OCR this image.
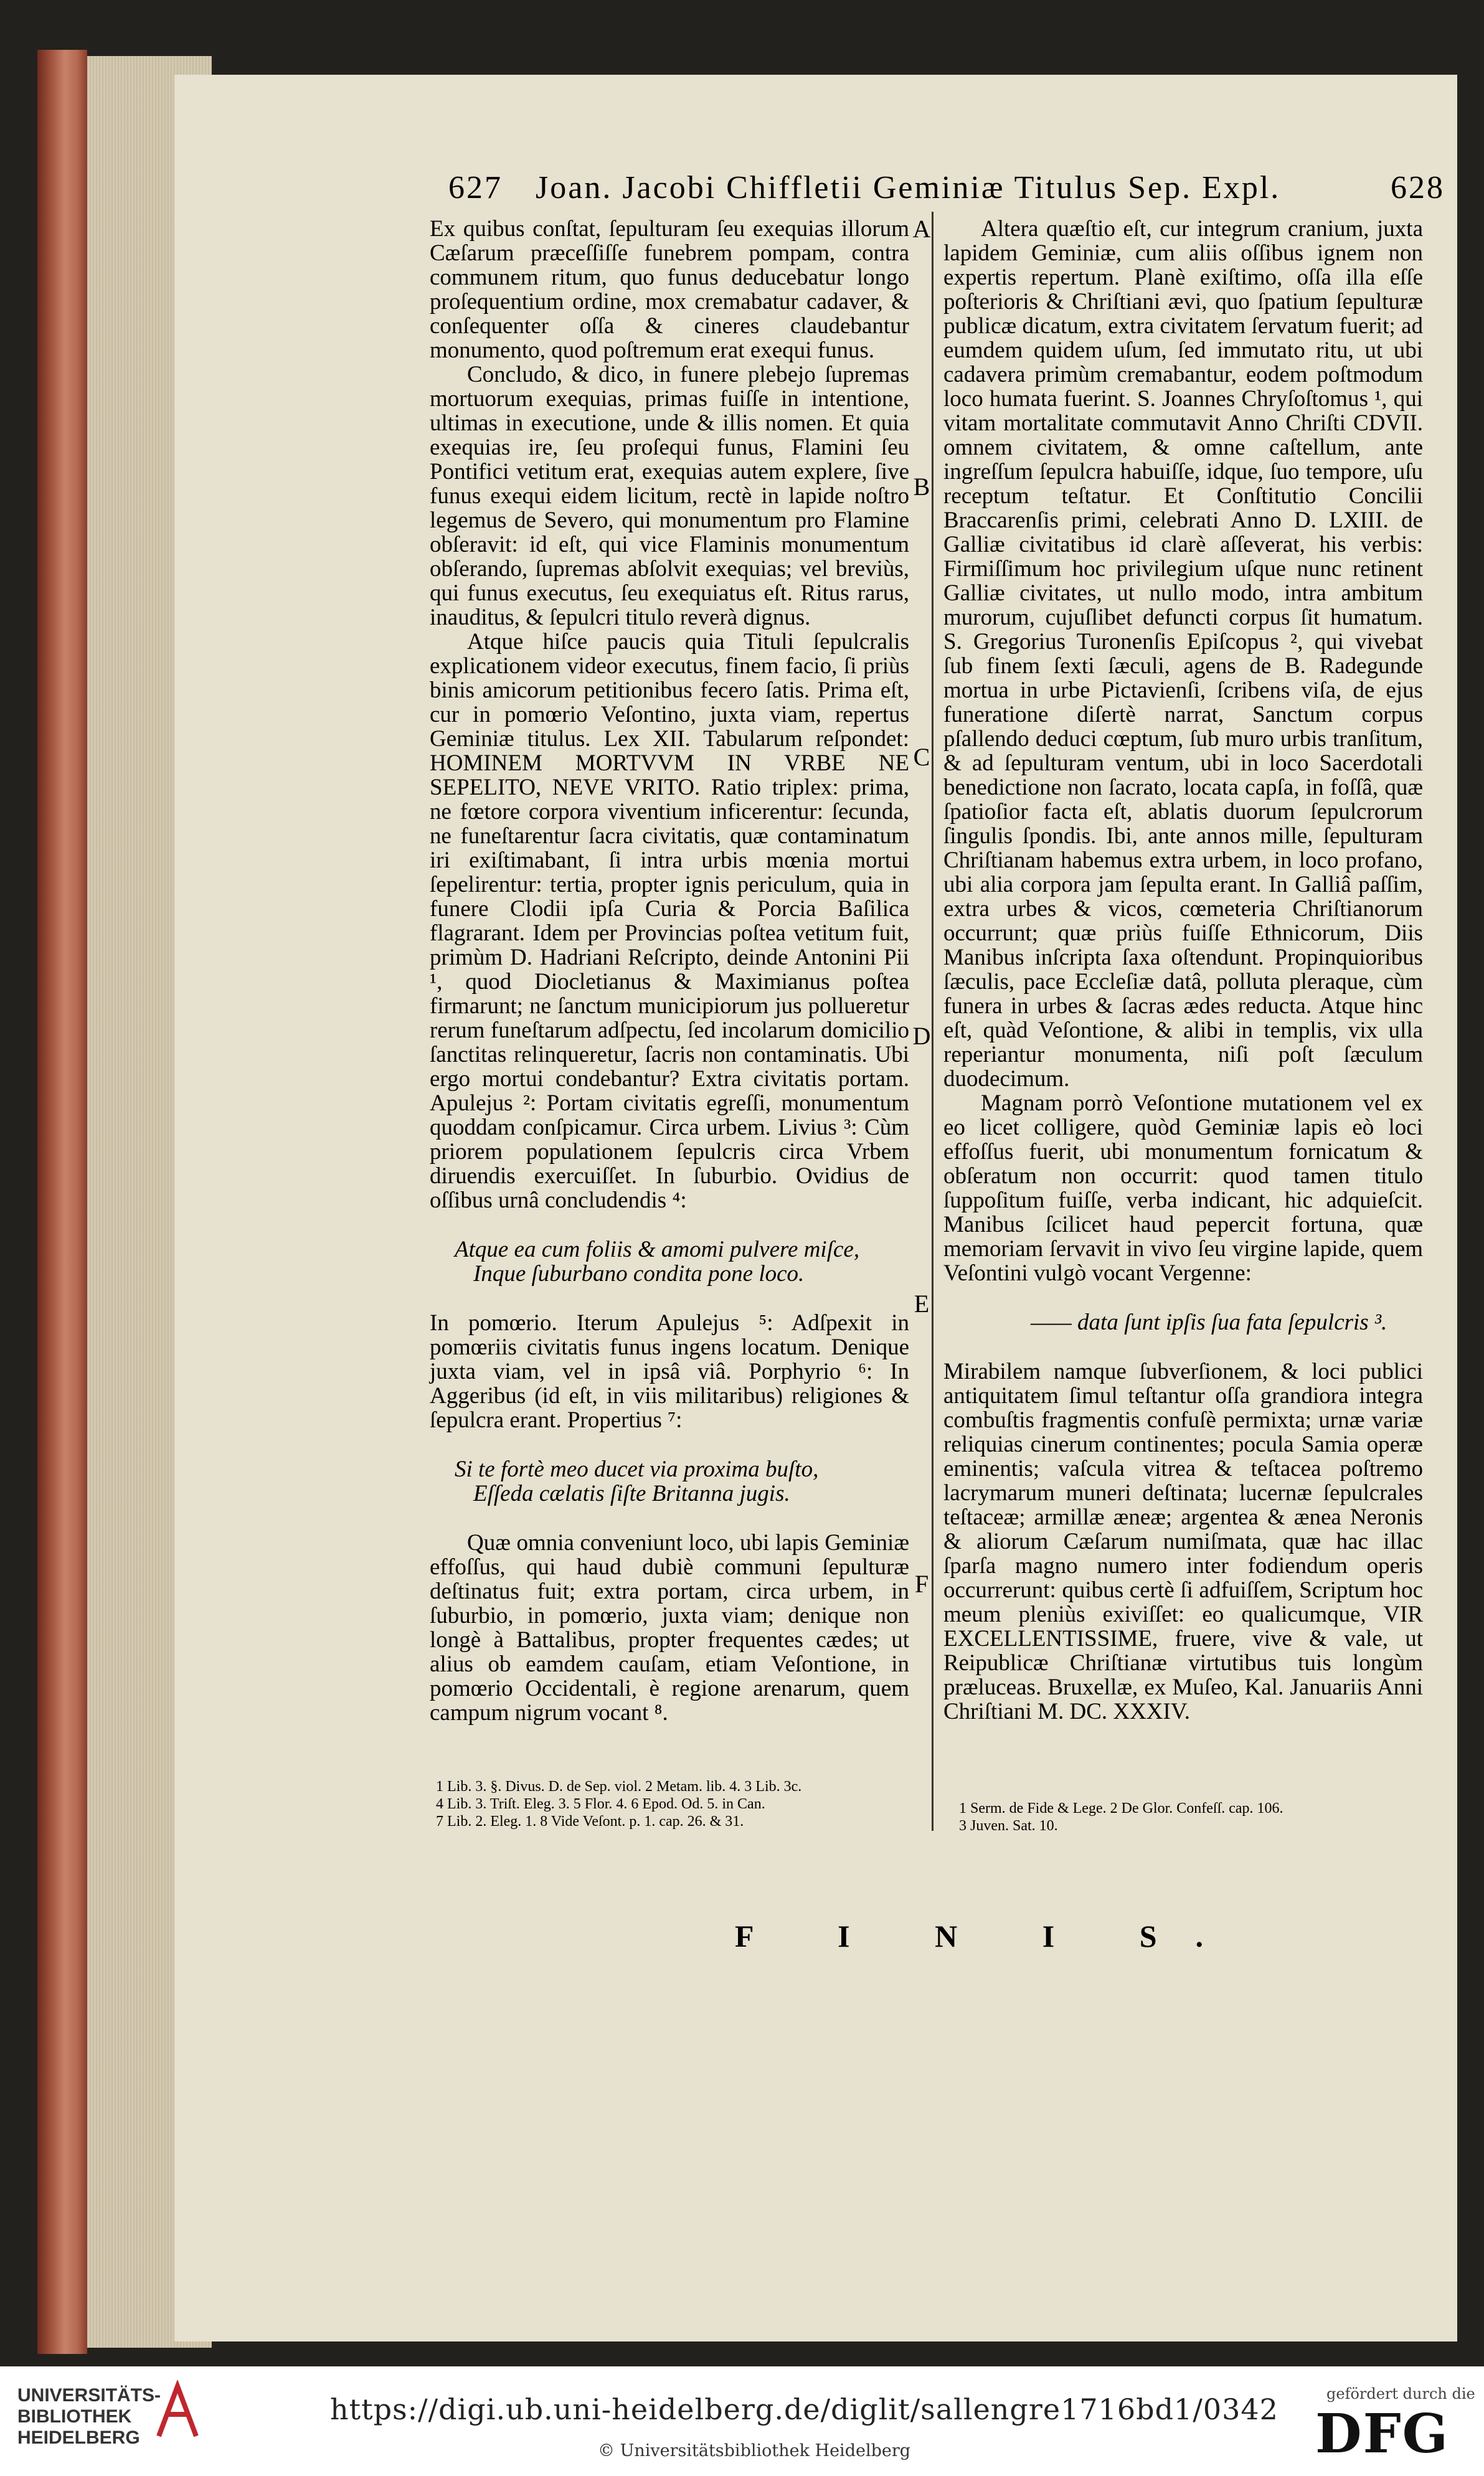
627 Joan. Jacobi Chiffletii Geminiæ Titulus Sep. Expl.	628
A
B
C
D
E
F

Ex quibus conſtat, ſepulturam ſeu exequias illorum Cæſarum præceſſiſſe funebrem pompam, contra communem ritum, quo funus deducebatur longo proſequentium ordine, mox cremabatur cadaver, & conſequenter oſſa & cineres claudebantur monumento, quod poſtremum erat exequi funus.

Concludo, & dico, in funere plebejo ſupremas mortuorum exequias, primas fuiſſe in intentione, ultimas in executione, unde & illis nomen. Et quia exequias ire, ſeu proſequi funus, Flamini ſeu Pontifici vetitum erat, exequias autem explere, ſive funus exequi eidem licitum, rectè in lapide noſtro legemus de Severo, qui monumentum pro Flamine obſeravit: id eſt, qui vice Flaminis monumentum obſerando, ſupremas abſolvit exequias; vel breviùs, qui funus executus, ſeu exequiatus eſt. Ritus rarus, inauditus, & ſepulcri titulo reverà dignus.

Atque hiſce paucis quia Tituli ſepulcralis explicationem videor executus, finem facio, ſi priùs binis amicorum petitionibus fecero ſatis. Prima eſt, cur in pomœrio Veſontino, juxta viam, repertus Geminiæ titulus. Lex XII. Tabularum reſpondet: HOMINEM MORTVVM IN VRBE NE SEPELITO, NEVE VRITO. Ratio triplex: prima, ne fœtore corpora viventium inficerentur: ſecunda, ne funeſtarentur ſacra civitatis, quæ contaminatum iri exiſtimabant, ſi intra urbis mœnia mortui ſepelirentur: tertia, propter ignis periculum, quia in funere Clodii ipſa Curia & Porcia Baſilica flagrarant. Idem per Provincias poſtea vetitum fuit, primùm D. Hadriani Reſcripto, deinde Antonini Pii ¹, quod Diocletianus & Maximianus poſtea firmarunt; ne ſanctum municipiorum jus pollueretur rerum funeſtarum adſpectu, ſed incolarum domicilio ſanctitas relinqueretur, ſacris non contaminatis. Ubi ergo mortui condebantur? Extra civitatis portam. Apulejus ²: Portam civitatis egreſſi, monumentum quoddam conſpicamur. Circa urbem. Livius ³: Cùm priorem populationem ſepulcris circa Vrbem diruendis exercuiſſet. In ſuburbio. Ovidius de oſſibus urnâ concludendis ⁴:

Atque ea cum foliis & amomi pulvere miſce,
Inque ſuburbano condita pone loco.

In pomœrio. Iterum Apulejus ⁵: Adſpexit in pomœriis civitatis funus ingens locatum. Denique juxta viam, vel in ipsâ viâ. Porphyrio ⁶: In Aggeribus (id eſt, in viis militaribus) religiones & ſepulcra erant. Propertius ⁷:

Si te fortè meo ducet via proxima buſto,
Eſſeda cælatis ſiſte Britanna jugis.

Quæ omnia conveniunt loco, ubi lapis Geminiæ effoſſus, qui haud dubiè communi ſepulturæ deſtinatus fuit; extra portam, circa urbem, in ſuburbio, in pomœrio, juxta viam; denique non longè à Battalibus, propter frequentes cædes; ut alius ob eamdem cauſam, etiam Veſontione, in pomœrio Occidentali, è regione arenarum, quem campum nigrum vocant ⁸.

1 Lib. 3. §. Divus. D. de Sep. viol. 2 Metam. lib. 4. 3 Lib. 3c.
4 Lib. 3. Triſt. Eleg. 3. 5 Flor. 4. 6 Epod. Od. 5. in Can.
7 Lib. 2. Eleg. 1. 8 Vide Veſont. p. 1. cap. 26. & 31.

Altera quæſtio eſt, cur integrum cranium, juxta lapidem Geminiæ, cum aliis oſſibus ignem non expertis repertum. Planè exiſtimo, oſſa illa eſſe poſterioris & Chriſtiani ævi, quo ſpatium ſepulturæ publicæ dicatum, extra civitatem ſervatum fuerit; ad eumdem quidem uſum, ſed immutato ritu, ut ubi cadavera primùm cremabantur, eodem poſtmodum loco humata fuerint. S. Joannes Chryſoſtomus ¹, qui vitam mortalitate commutavit Anno Chriſti CDVII. omnem civitatem, & omne caſtellum, ante ingreſſum ſepulcra habuiſſe, idque, ſuo tempore, uſu receptum teſtatur. Et Conſtitutio Concilii Braccarenſis primi, celebrati Anno D. LXIII. de Galliæ civitatibus id clarè aſſeverat, his verbis: Firmiſſimum hoc privilegium uſque nunc retinent Galliæ civitates, ut nullo modo, intra ambitum murorum, cujuſlibet defuncti corpus ſit humatum. S. Gregorius Turonenſis Epiſcopus ², qui vivebat ſub finem ſexti ſæculi, agens de B. Radegunde mortua in urbe Pictavienſi, ſcribens viſa, de ejus funeratione diſertè narrat, Sanctum corpus pſallendo deduci cœptum, ſub muro urbis tranſitum, & ad ſepulturam ventum, ubi in loco Sacerdotali benedictione non ſacrato, locata capſa, in foſſâ, quæ ſpatioſior facta eſt, ablatis duorum ſepulcrorum ſingulis ſpondis. Ibi, ante annos mille, ſepulturam Chriſtianam habemus extra urbem, in loco profano, ubi alia corpora jam ſepulta erant. In Galliâ paſſim, extra urbes & vicos, cœmeteria Chriſtianorum occurrunt; quæ priùs fuiſſe Ethnicorum, Diis Manibus inſcripta ſaxa oſtendunt. Propinquioribus ſæculis, pace Eccleſiæ datâ, polluta pleraque, cùm funera in urbes & ſacras ædes reducta. Atque hinc eſt, quàd Veſontione, & alibi in templis, vix ulla reperiantur monumenta, niſi poſt ſæculum duodecimum.

Magnam porrò Veſontione mutationem vel ex eo licet colligere, quòd Geminiæ lapis eò loci effoſſus fuerit, ubi monumentum fornicatum & obſeratum non occurrit: quod tamen titulo ſuppoſitum fuiſſe, verba indicant, hic adquieſcit. Manibus ſcilicet haud pepercit fortuna, quæ memoriam ſervavit in vivo ſeu virgine lapide, quem Veſontini vulgò vocant Vergenne:

—— data ſunt ipſis ſua fata ſepulcris ³.

Mirabilem namque ſubverſionem, & loci publici antiquitatem ſimul teſtantur oſſa grandiora integra combuſtis fragmentis confuſè permixta; urnæ variæ reliquias cinerum continentes; pocula Samia operæ eminentis; vaſcula vitrea & teſtacea poſtremo lacrymarum muneri deſtinata; lucernæ ſepulcrales teſtaceæ; armillæ æneæ; argentea & ænea Neronis & aliorum Cæſarum numiſmata, quæ hac illac ſparſa magno numero inter fodiendum operis occurrerunt: quibus certè ſi adfuiſſem, Scriptum hoc meum pleniùs exiviſſet: eo qualicumque, VIR EXCELLENTISSIME, fruere, vive & vale, ut Reipublicæ Chriſtianæ virtutibus tuis longùm præluceas. Bruxellæ, ex Muſeo, Kal. Januariis Anni Chriſtiani M. DC. XXXIV.

1 Serm. de Fide & Lege. 2 De Glor. Confeſſ. cap. 106.
3 Juven. Sat. 10.
F I N I S.
UNIVERSITÄTS-
BIBLIOTHEK
HEIDELBERG
https://digi.ub.uni-heidelberg.de/diglit/sallengre1716bd1/0342
© Universitätsbibliothek Heidelberg
gefördert durch die
DFG
